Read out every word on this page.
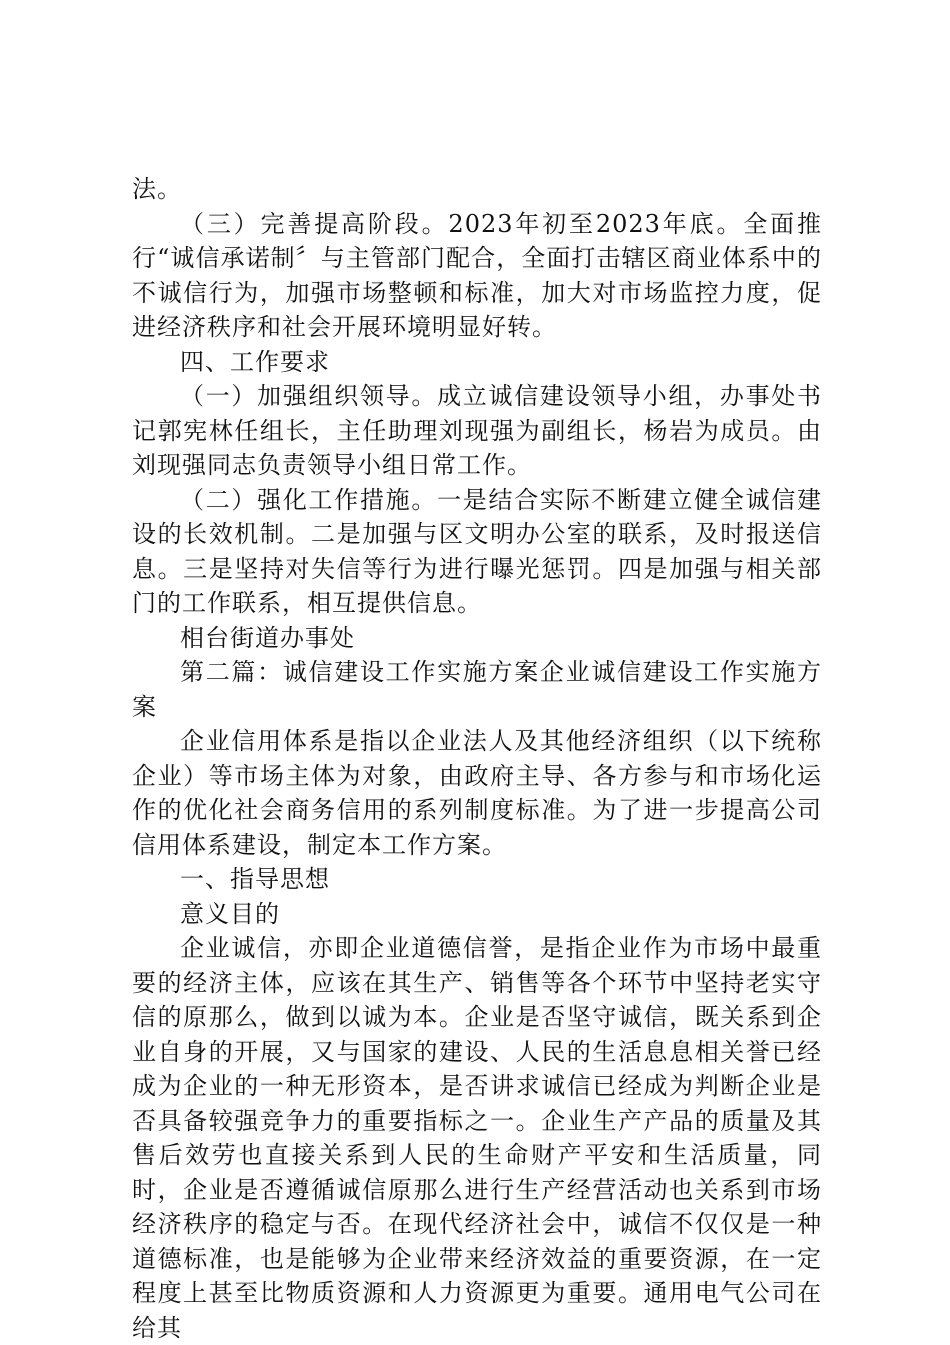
法。

（三）完善提高阶段。2023年初至2023年底。全面推行“诚信承诺制〞与主管部门配合，全面打击辖区商业体系中的不诚信行为，加强市场整顿和标准，加大对市场监控力度，促进经济秩序和社会开展环境明显好转。

四、工作要求

（一）加强组织领导。成立诚信建设领导小组，办事处书记郭宪林任组长，主任助理刘现强为副组长，杨岩为成员。由刘现强同志负责领导小组日常工作。

（二）强化工作措施。一是结合实际不断建立健全诚信建设的长效机制。二是加强与区文明办公室的联系，及时报送信息。三是坚持对失信等行为进行曝光惩罚。四是加强与相关部门的工作联系，相互提供信息。

相台街道办事处

第二篇：诚信建设工作实施方案企业诚信建设工作实施方案

企业信用体系是指以企业法人及其他经济组织（以下统称企业）等市场主体为对象，由政府主导、各方参与和市场化运作的优化社会商务信用的系列制度标准。为了进一步提高公司信用体系建设，制定本工作方案。

一、指导思想

意义目的

企业诚信，亦即企业道德信誉，是指企业作为市场中最重要的经济主体，应该在其生产、销售等各个环节中坚持老实守信的原那么，做到以诚为本。企业是否坚守诚信，既关系到企业自身的开展，又与国家的建设、人民的生活息息相关誉已经成为企业的一种无形资本，是否讲求诚信已经成为判断企业是否具备较强竞争力的重要指标之一。企业生产产品的质量及其售后效劳也直接关系到人民的生命财产平安和生活质量，同时，企业是否遵循诚信原那么进行生产经营活动也关系到市场经济秩序的稳定与否。在现代经济社会中，诚信不仅仅是一种道德标准，也是能够为企业带来经济效益的重要资源，在一定程度上甚至比物质资源和人力资源更为重要。通用电气公司在给其
